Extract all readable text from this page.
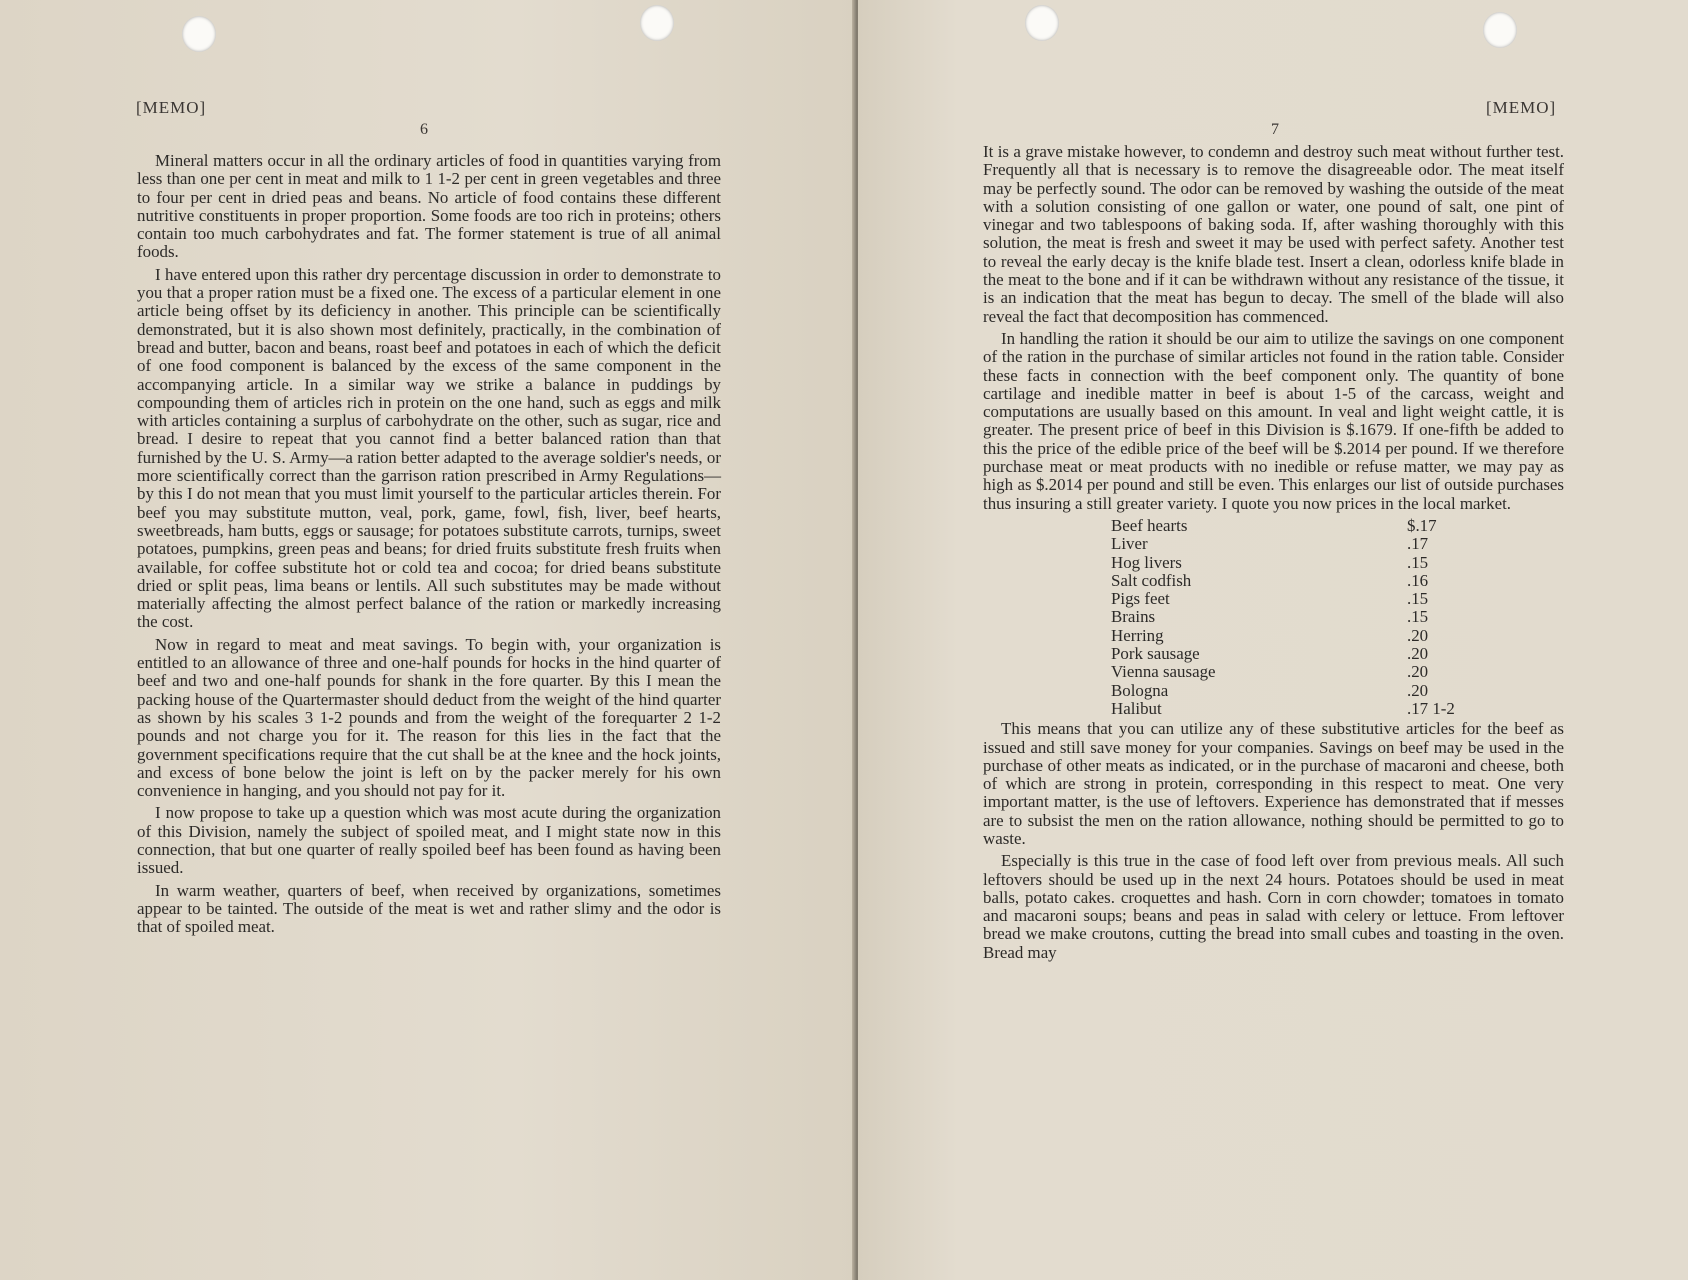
[MEMO]
6

Mineral matters occur in all the ordinary articles of food in quantities varying from less than one per cent in meat and milk to 1 1-2 per cent in green vegetables and three to four per cent in dried peas and beans. No article of food contains these different nutritive constituents in proper proportion. Some foods are too rich in proteins; others contain too much carbohydrates and fat. The former statement is true of all animal foods.

I have entered upon this rather dry percentage discussion in order to demonstrate to you that a proper ration must be a fixed one. The excess of a particular element in one article being offset by its deficiency in another. This principle can be scientifically demonstrated, but it is also shown most definitely, practically, in the combination of bread and butter, bacon and beans, roast beef and potatoes in each of which the deficit of one food component is balanced by the excess of the same component in the accompanying article. In a similar way we strike a balance in puddings by compounding them of articles rich in protein on the one hand, such as eggs and milk with articles containing a surplus of carbohydrate on the other, such as sugar, rice and bread. I desire to repeat that you cannot find a better balanced ration than that furnished by the U. S. Army—a ration better adapted to the average soldier's needs, or more scientifically correct than the garrison ration prescribed in Army Regulations—by this I do not mean that you must limit yourself to the particular articles therein. For beef you may substitute mutton, veal, pork, game, fowl, fish, liver, beef hearts, sweetbreads, ham butts, eggs or sausage; for potatoes substitute carrots, turnips, sweet potatoes, pumpkins, green peas and beans; for dried fruits substitute fresh fruits when available, for coffee substitute hot or cold tea and cocoa; for dried beans substitute dried or split peas, lima beans or lentils. All such substitutes may be made without materially affecting the almost perfect balance of the ration or markedly increasing the cost.

Now in regard to meat and meat savings. To begin with, your organization is entitled to an allowance of three and one-half pounds for hocks in the hind quarter of beef and two and one-half pounds for shank in the fore quarter. By this I mean the packing house of the Quartermaster should deduct from the weight of the hind quarter as shown by his scales 3 1-2 pounds and from the weight of the forequarter 2 1-2 pounds and not charge you for it. The reason for this lies in the fact that the government specifications require that the cut shall be at the knee and the hock joints, and excess of bone below the joint is left on by the packer merely for his own convenience in hanging, and you should not pay for it.

I now propose to take up a question which was most acute during the organization of this Division, namely the subject of spoiled meat, and I might state now in this connection, that but one quarter of really spoiled beef has been found as having been issued.

In warm weather, quarters of beef, when received by organizations, sometimes appear to be tainted. The outside of the meat is wet and rather slimy and the odor is that of spoiled meat.

[MEMO]
7

It is a grave mistake however, to condemn and destroy such meat without further test. Frequently all that is necessary is to remove the disagreeable odor. The meat itself may be perfectly sound. The odor can be removed by washing the outside of the meat with a solution consisting of one gallon or water, one pound of salt, one pint of vinegar and two tablespoons of baking soda. If, after washing thoroughly with this solution, the meat is fresh and sweet it may be used with perfect safety. Another test to reveal the early decay is the knife blade test. Insert a clean, odorless knife blade in the meat to the bone and if it can be withdrawn without any resistance of the tissue, it is an indication that the meat has begun to decay. The smell of the blade will also reveal the fact that decomposition has commenced.

In handling the ration it should be our aim to utilize the savings on one component of the ration in the purchase of similar articles not found in the ration table. Consider these facts in connection with the beef component only. The quantity of bone cartilage and inedible matter in beef is about 1-5 of the carcass, weight and computations are usually based on this amount. In veal and light weight cattle, it is greater. The present price of beef in this Division is $.1679. If one-fifth be added to this the price of the edible price of the beef will be $.2014 per pound. If we therefore purchase meat or meat products with no inedible or refuse matter, we may pay as high as $.2014 per pound and still be even. This enlarges our list of outside purchases thus insuring a still greater variety. I quote you now prices in the local market.

Beef hearts	$.17
Liver	.17
Hog livers	.15
Salt codfish	.16
Pigs feet	.15
Brains	.15
Herring	.20
Pork sausage	.20
Vienna sausage	.20
Bologna	.20
Halibut	.17 1-2

This means that you can utilize any of these substitutive articles for the beef as issued and still save money for your companies. Savings on beef may be used in the purchase of other meats as indicated, or in the purchase of macaroni and cheese, both of which are strong in protein, corresponding in this respect to meat. One very important matter, is the use of leftovers. Experience has demonstrated that if messes are to subsist the men on the ration allowance, nothing should be permitted to go to waste.

Especially is this true in the case of food left over from previous meals. All such leftovers should be used up in the next 24 hours. Potatoes should be used in meat balls, potato cakes. croquettes and hash. Corn in corn chowder; tomatoes in tomato and macaroni soups; beans and peas in salad with celery or lettuce. From leftover bread we make croutons, cutting the bread into small cubes and toasting in the oven. Bread may
